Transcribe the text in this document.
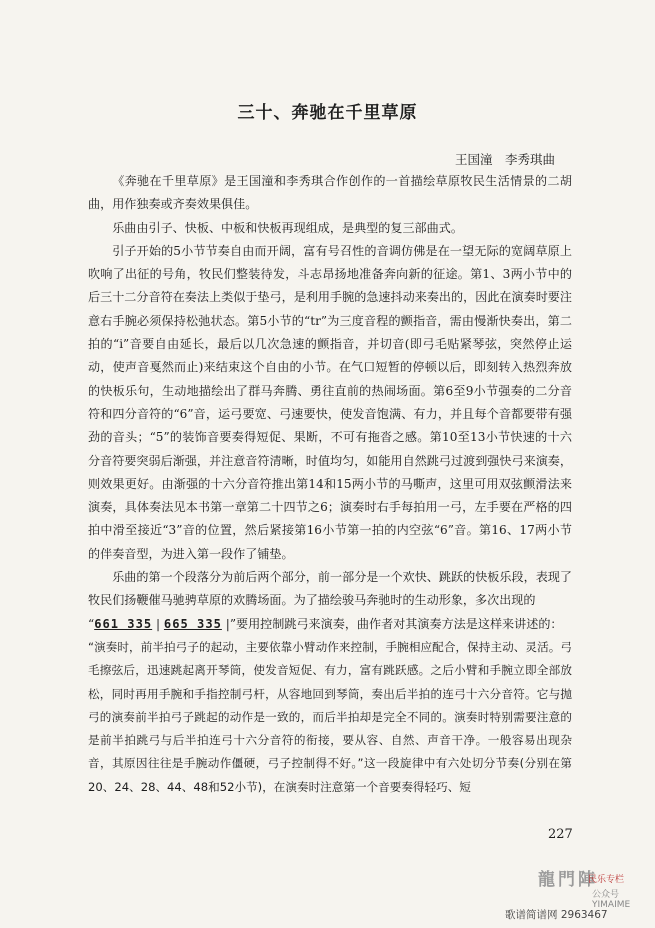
三十、奔驰在千里草原
王国潼　李秀琪曲

《奔驰在千里草原》是王国潼和李秀琪合作创作的一首描绘草原牧民生活情景的二胡曲，用作独奏或齐奏效果俱佳。

乐曲由引子、快板、中板和快板再现组成，是典型的复三部曲式。

引子开始的5小节节奏自由而开阔，富有号召性的音调仿佛是在一望无际的宽阔草原上吹响了出征的号角，牧民们整装待发，斗志昂扬地准备奔向新的征途。第1、3两小节中的后三十二分音符在奏法上类似于垫弓，是利用手腕的急速抖动来奏出的，因此在演奏时要注意右手腕必须保持松弛状态。第5小节的“tr”为三度音程的颤指音，需由慢渐快奏出，第二拍的“i”音要自由延长，最后以几次急速的颤指音，并切音(即弓毛贴紧琴弦，突然停止运动，使声音戛然而止)来结束这个自由的小节。在气口短暂的停顿以后，即刻转入热烈奔放的快板乐句，生动地描绘出了群马奔腾、勇往直前的热闹场面。第6至9小节强奏的二分音符和四分音符的“6”音，运弓要宽、弓速要快，使发音饱满、有力，并且每个音都要带有强劲的音头；“5”的装饰音要奏得短促、果断，不可有拖沓之感。第10至13小节快速的十六分音符要突弱后渐强，并注意音符清晰，时值均匀，如能用自然跳弓过渡到强快弓来演奏，则效果更好。由渐强的十六分音符推出第14和15两小节的马嘶声，这里可用双弦颤滑法来演奏，具体奏法见本书第一章第二十四节之6；演奏时右手每拍用一弓，左手要在严格的四拍中滑至接近“3”音的位置，然后紧接第16小节第一拍的内空弦“6”音。第16、17两小节的伴奏音型，为进入第一段作了铺垫。

乐曲的第一个段落分为前后两个部分，前一部分是一个欢快、跳跃的快板乐段，表现了牧民们扬鞭催马驰骋草原的欢腾场面。为了描绘骏马奔驰时的生动形象，多次出现的

“661 335 | 665 335 |”要用控制跳弓来演奏，曲作者对其演奏方法是这样来讲述的：

“演奏时，前半拍弓子的起动，主要依靠小臂动作来控制，手腕相应配合，保持主动、灵活。弓毛擦弦后，迅速跳起离开琴筒，使发音短促、有力，富有跳跃感。之后小臂和手腕立即全部放松，同时再用手腕和手指控制弓杆，从容地回到琴筒，奏出后半拍的连弓十六分音符。它与抛弓的演奏前半拍弓子跳起的动作是一致的，而后半拍却是完全不同的。演奏时特别需要注意的是前半拍跳弓与后半拍连弓十六分音符的衔接，要从容、自然、声音干净。一般容易出现杂音，其原因往往是手腕动作僵硬，弓子控制得不好。”这一段旋律中有六处切分节奏(分别在第20、24、28、44、48和52小节)，在演奏时注意第一个音要奏得轻巧、短

227
龍門陣
民乐专栏
公众号YIMAIME
歌谱简谱网 2963467
